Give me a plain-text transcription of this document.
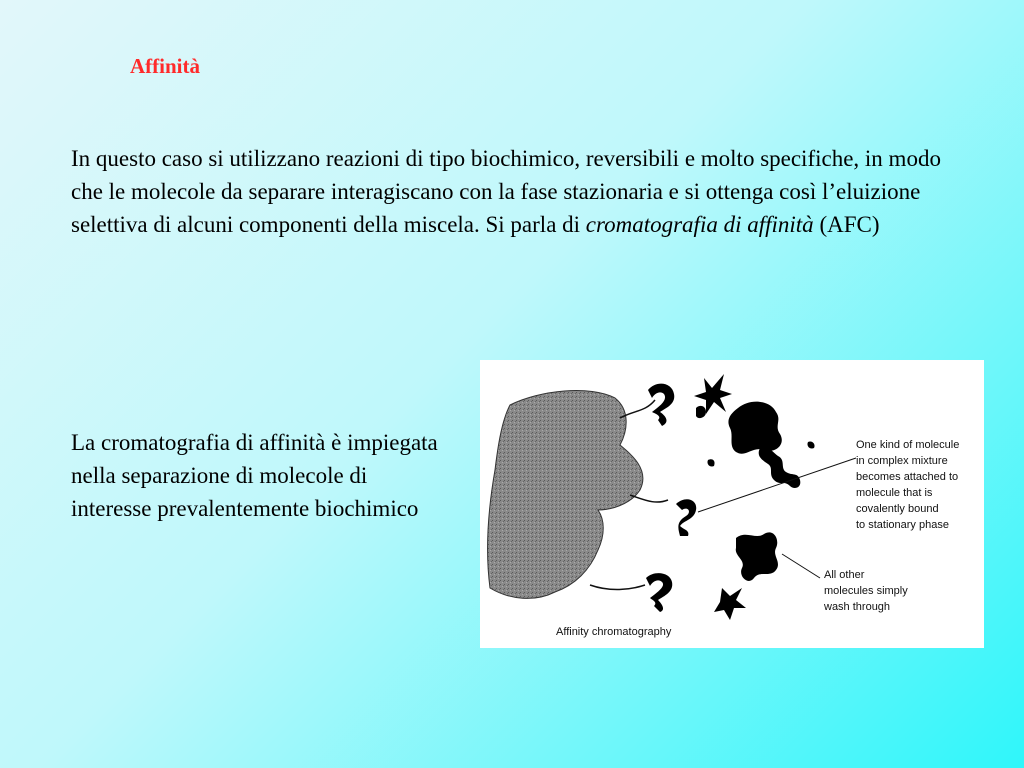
Affinità
In questo caso si utilizzano reazioni di tipo biochimico, reversibili e molto specifiche, in modo che le molecole da separare interagiscano con la fase stazionaria e si ottenga così l’eluizione selettiva di alcuni componenti della miscela. Si parla di cromatografia di affinità (AFC)
La cromatografia di affinità è impiegata nella separazione di molecole di interesse prevalentemente biochimico
One kind of molecule in complex mixture becomes attached to molecule that is covalently bound to stationary phase
All other molecules simply wash through
Affinity chromatography
